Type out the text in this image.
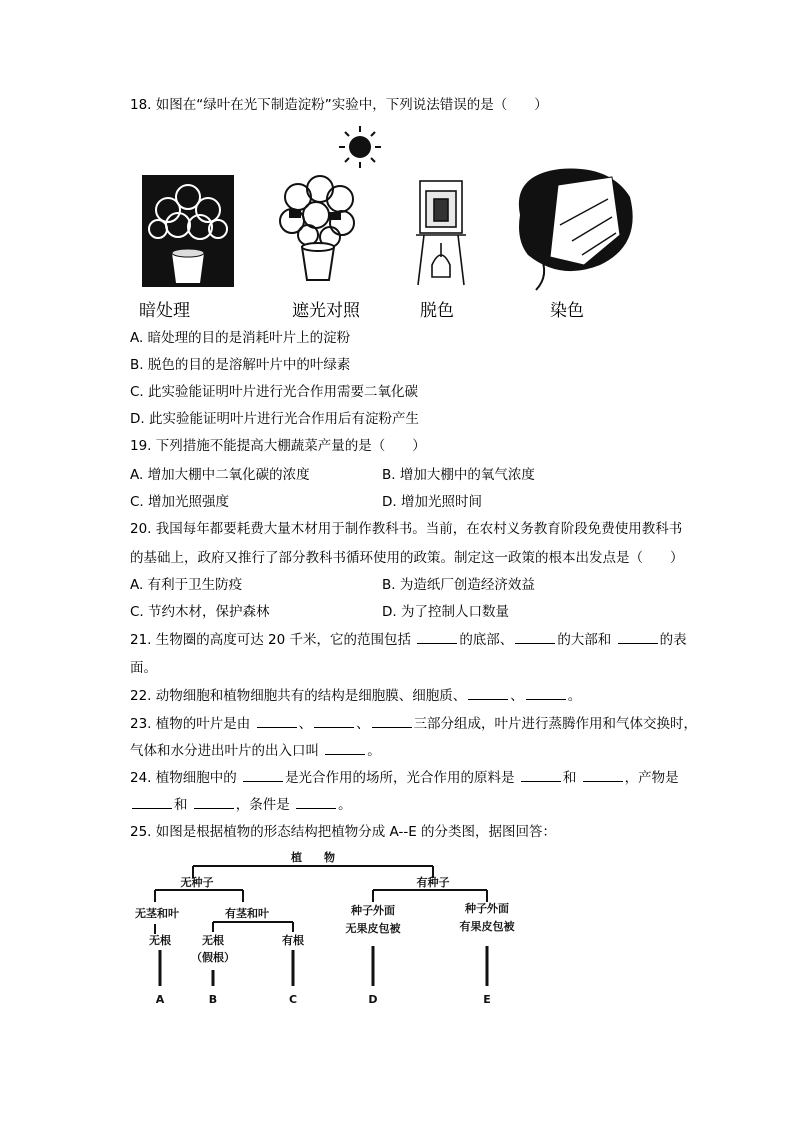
18. 如图在“绿叶在光下制造淀粉”实验中，下列说法错误的是（　　）
暗处理	遮光对照	脱色	染色
A. 暗处理的目的是消耗叶片上的淀粉
B. 脱色的目的是溶解叶片中的叶绿素
C. 此实验能证明叶片进行光合作用需要二氧化碳
D. 此实验能证明叶片进行光合作用后有淀粉产生
19. 下列措施不能提高大棚蔬菜产量的是（　　）
A. 增加大棚中二氧化碳的浓度	B. 增加大棚中的氧气浓度
C. 增加光照强度	D. 增加光照时间
20. 我国每年都要耗费大量木材用于制作教科书。当前，在农村义务教育阶段免费使用教科书
的基础上，政府又推行了部分教科书循环使用的政策。制定这一政策的根本出发点是（　　）
A. 有利于卫生防疫	B. 为造纸厂创造经济效益
C. 节约木材，保护森林	D. 为了控制人口数量
21. 生物圈的高度可达 20 千米，它的范围包括	的底部、	的大部和	的表
面。
22. 动物细胞和植物细胞共有的结构是细胞膜、细胞质、	、	。
23. 植物的叶片是由	、	、	三部分组成，叶片进行蒸腾作用和气体交换时，
气体和水分进出叶片的出入口叫	。
24. 植物细胞中的	是光合作用的场所，光合作用的原料是	和	，产物是
和	，条件是	。
25. 如图是根据植物的形态结构把植物分成 A--E 的分类图，据图回答：
植　　物
无种子	有种子
无茎和叶	有茎和叶
无根	无根
（假根）
有根
种子外面
无果皮包被
种子外面
有果皮包被
A	B	C	D	E
